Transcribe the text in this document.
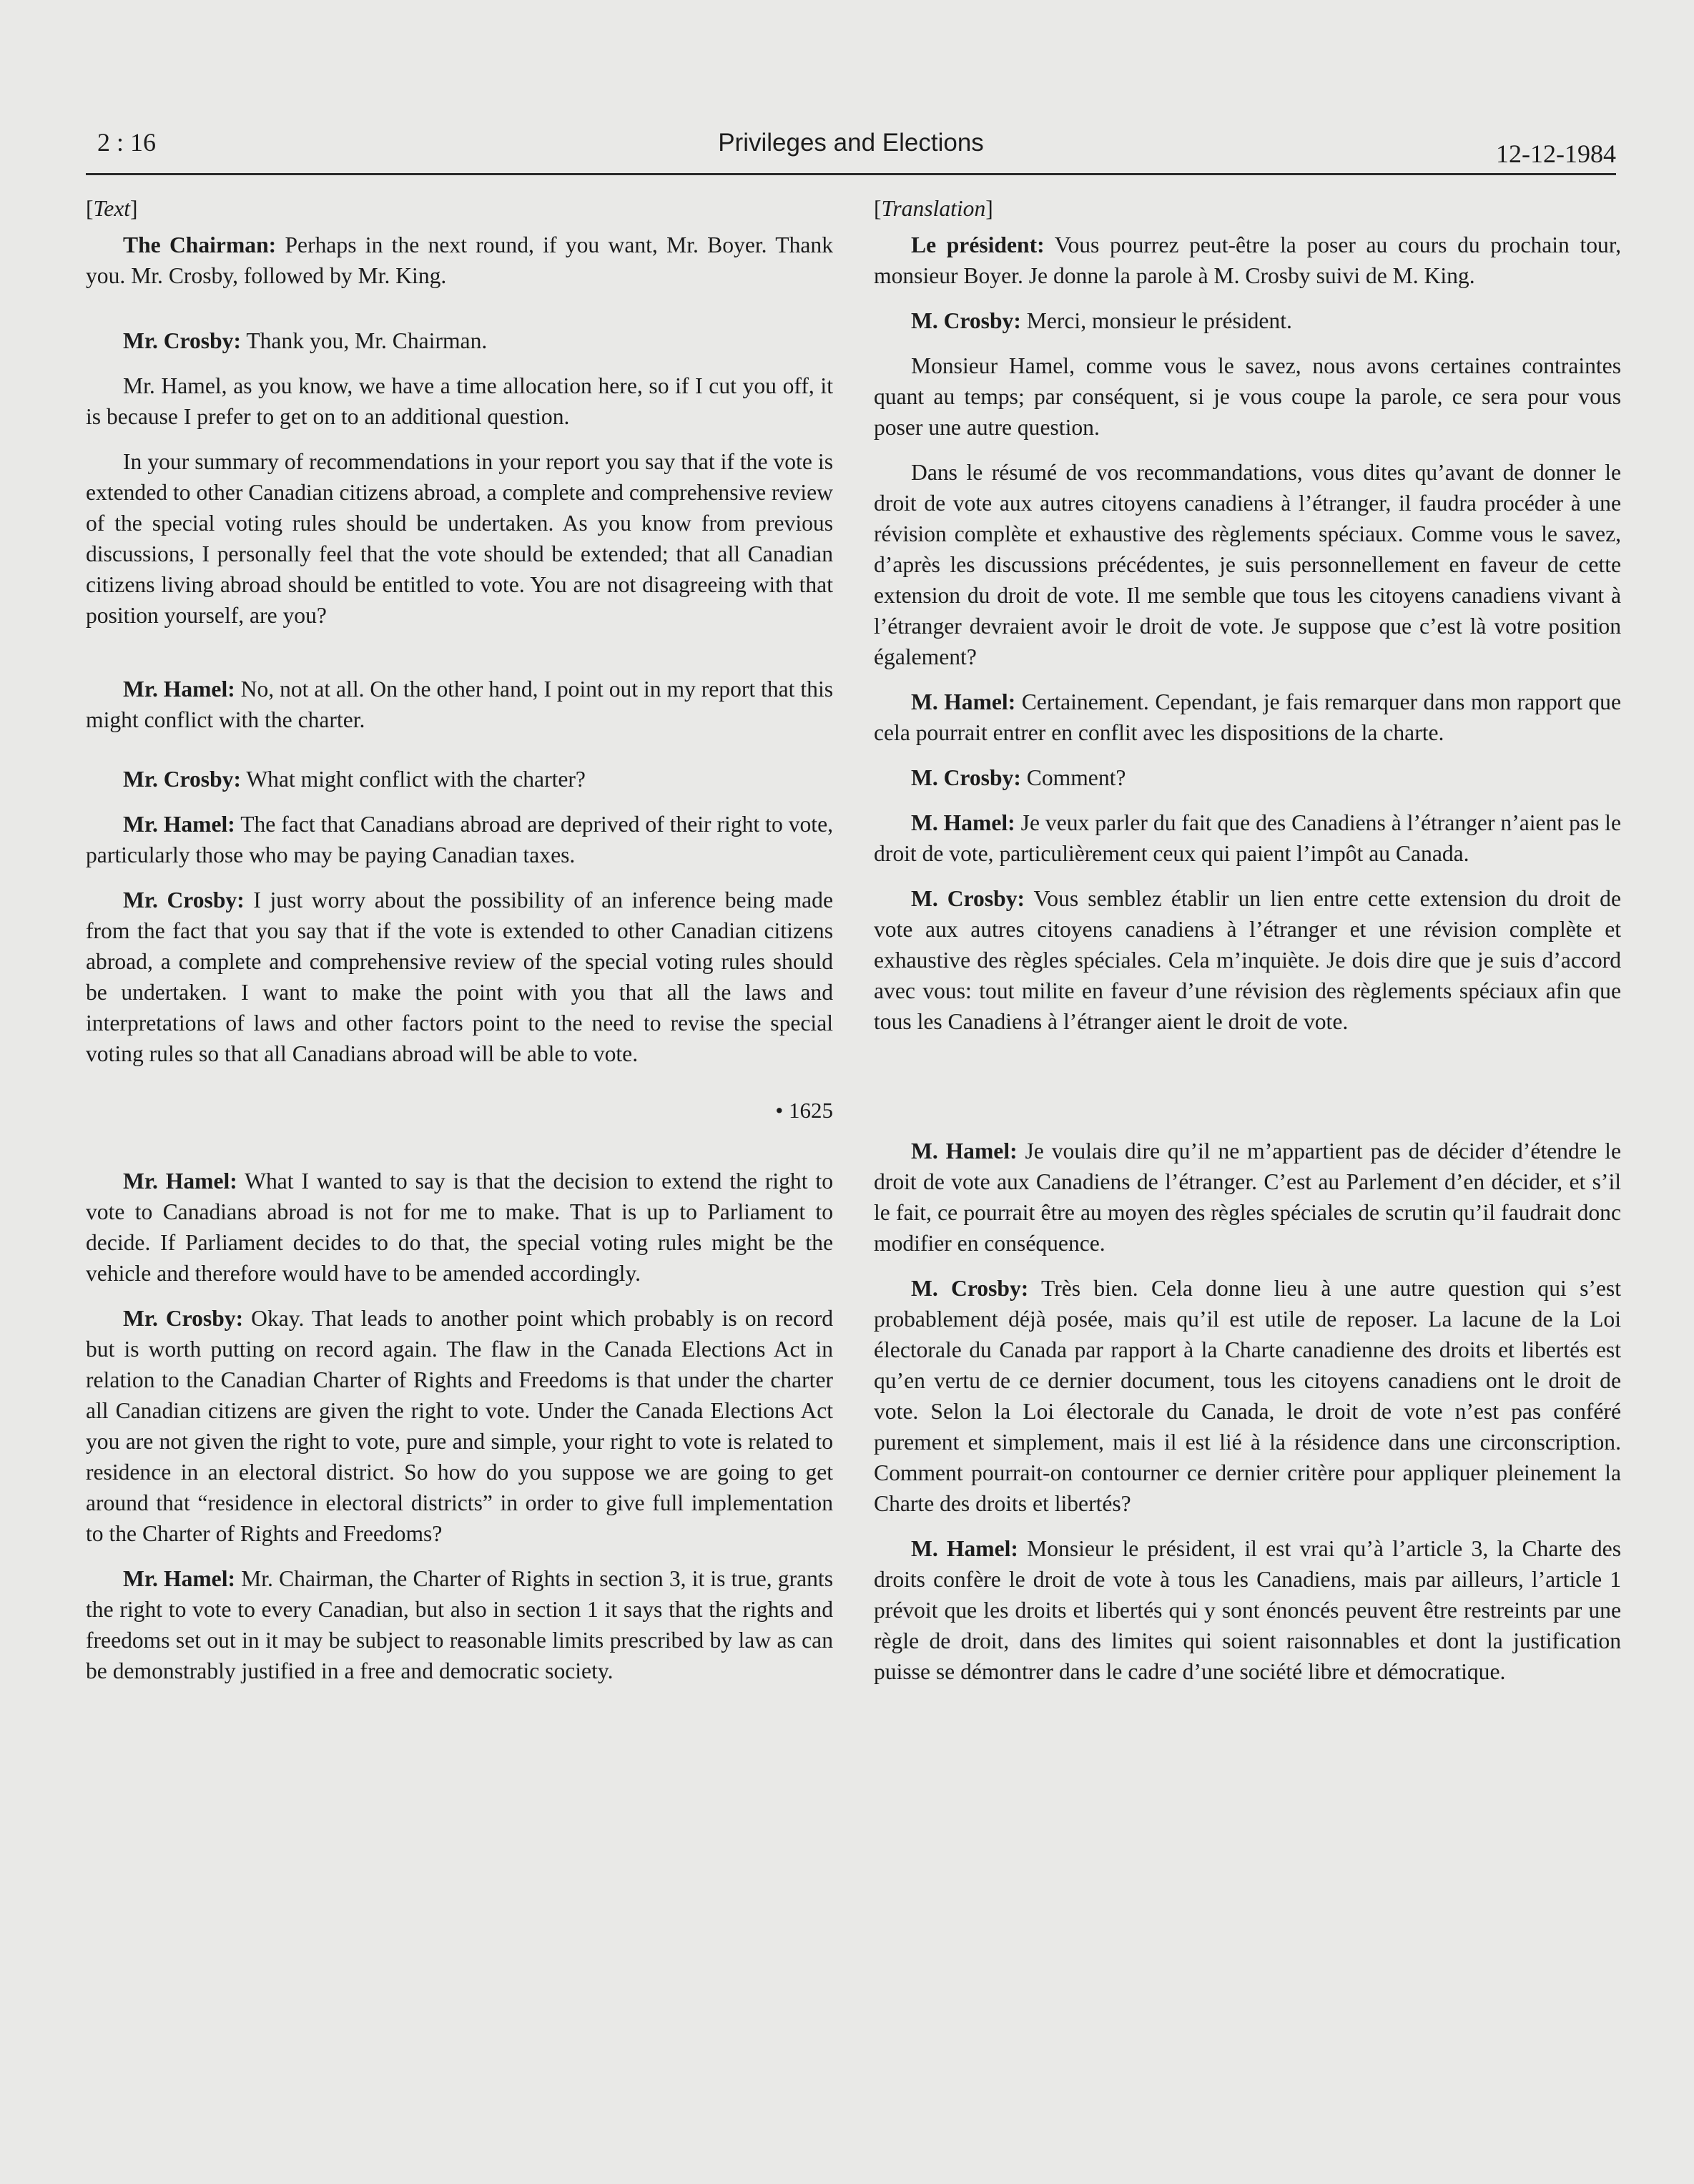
2 : 16	Privileges and Elections	12-12-1984
[ Text ]

The Chairman: Perhaps in the next round, if you want, Mr. Boyer. Thank you. Mr. Crosby, followed by Mr. King.

Mr. Crosby: Thank you, Mr. Chairman.

Mr. Hamel, as you know, we have a time allocation here, so if I cut you off, it is because I prefer to get on to an additional question.

In your summary of recommendations in your report you say that if the vote is extended to other Canadian citizens abroad, a complete and comprehensive review of the special voting rules should be undertaken. As you know from previous discussions, I personally feel that the vote should be extended; that all Canadian citizens living abroad should be entitled to vote. You are not disagreeing with that position yourself, are you?

Mr. Hamel: No, not at all. On the other hand, I point out in my report that this might conflict with the charter.

Mr. Crosby: What might conflict with the charter?

Mr. Hamel: The fact that Canadians abroad are deprived of their right to vote, particularly those who may be paying Canadian taxes.

Mr. Crosby: I just worry about the possibility of an inference being made from the fact that you say that if the vote is extended to other Canadian citizens abroad, a complete and comprehensive review of the special voting rules should be undertaken. I want to make the point with you that all the laws and interpretations of laws and other factors point to the need to revise the special voting rules so that all Canadians abroad will be able to vote.

• 1625

Mr. Hamel: What I wanted to say is that the decision to extend the right to vote to Canadians abroad is not for me to make. That is up to Parliament to decide. If Parliament decides to do that, the special voting rules might be the vehicle and therefore would have to be amended accordingly.

Mr. Crosby: Okay. That leads to another point which probably is on record but is worth putting on record again. The flaw in the Canada Elections Act in relation to the Canadian Charter of Rights and Freedoms is that under the charter all Canadian citizens are given the right to vote. Under the Canada Elections Act you are not given the right to vote, pure and simple, your right to vote is related to residence in an electoral district. So how do you suppose we are going to get around that “residence in electoral districts” in order to give full implementation to the Charter of Rights and Freedoms?

Mr. Hamel: Mr. Chairman, the Charter of Rights in section 3, it is true, grants the right to vote to every Canadian, but also in section 1 it says that the rights and freedoms set out in it may be subject to reasonable limits prescribed by law as can be demonstrably justified in a free and democratic society.

[ Translation ]

Le président: Vous pourrez peut-être la poser au cours du prochain tour, monsieur Boyer. Je donne la parole à M. Crosby suivi de M. King.

M. Crosby: Merci, monsieur le président.

Monsieur Hamel, comme vous le savez, nous avons certaines contraintes quant au temps; par conséquent, si je vous coupe la parole, ce sera pour vous poser une autre question.

Dans le résumé de vos recommandations, vous dites qu’avant de donner le droit de vote aux autres citoyens canadiens à l’étranger, il faudra procéder à une révision complète et exhaustive des règlements spéciaux. Comme vous le savez, d’après les discussions précédentes, je suis personnellement en faveur de cette extension du droit de vote. Il me semble que tous les citoyens canadiens vivant à l’étranger devraient avoir le droit de vote. Je suppose que c’est là votre position également?

M. Hamel: Certainement. Cependant, je fais remarquer dans mon rapport que cela pourrait entrer en conflit avec les dispositions de la charte.

M. Crosby: Comment?

M. Hamel: Je veux parler du fait que des Canadiens à l’étranger n’aient pas le droit de vote, particulièrement ceux qui paient l’impôt au Canada.

M. Crosby: Vous semblez établir un lien entre cette extension du droit de vote aux autres citoyens canadiens à l’étranger et une révision complète et exhaustive des règles spéciales. Cela m’inquiète. Je dois dire que je suis d’accord avec vous: tout milite en faveur d’une révision des règlements spéciaux afin que tous les Canadiens à l’étranger aient le droit de vote.

M. Hamel: Je voulais dire qu’il ne m’appartient pas de décider d’étendre le droit de vote aux Canadiens de l’étranger. C’est au Parlement d’en décider, et s’il le fait, ce pourrait être au moyen des règles spéciales de scrutin qu’il faudrait donc modifier en conséquence.

M. Crosby: Très bien. Cela donne lieu à une autre question qui s’est probablement déjà posée, mais qu’il est utile de reposer. La lacune de la Loi électorale du Canada par rapport à la Charte canadienne des droits et libertés est qu’en vertu de ce dernier document, tous les citoyens canadiens ont le droit de vote. Selon la Loi électorale du Canada, le droit de vote n’est pas conféré purement et simplement, mais il est lié à la résidence dans une circonscription. Comment pourrait-on contourner ce dernier critère pour appliquer pleinement la Charte des droits et libertés?

M. Hamel: Monsieur le président, il est vrai qu’à l’article 3, la Charte des droits confère le droit de vote à tous les Canadiens, mais par ailleurs, l’article 1 prévoit que les droits et libertés qui y sont énoncés peuvent être restreints par une règle de droit, dans des limites qui soient raisonnables et dont la justification puisse se démontrer dans le cadre d’une société libre et démocratique.
